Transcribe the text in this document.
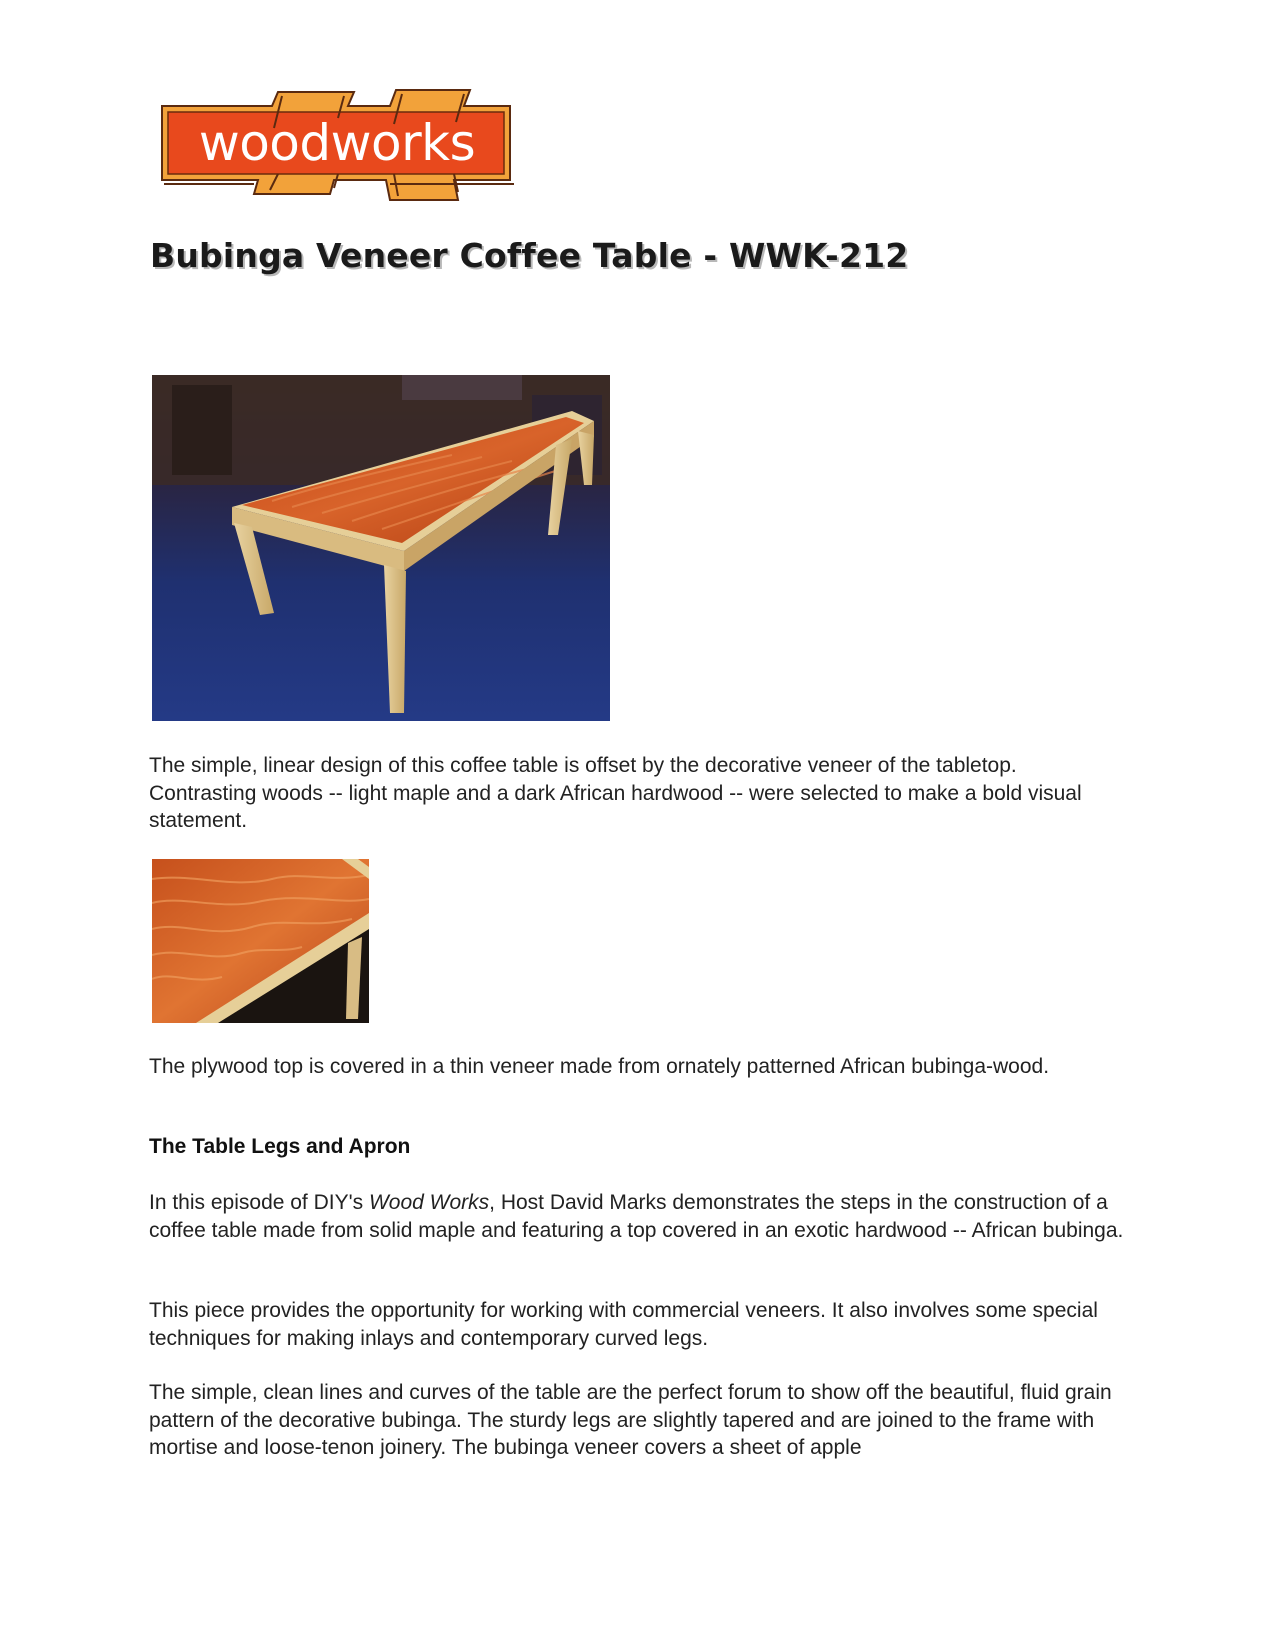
woodworks
Bubinga Veneer Coffee Table - WWK-212

The simple, linear design of this coffee table is offset by the decorative veneer of the tabletop. Contrasting woods -- light maple and a dark African hardwood -- were selected to make a bold visual statement.

The plywood top is covered in a thin veneer made from ornately patterned African bubinga-wood.

The Table Legs and Apron

In this episode of DIY's Wood Works, Host David Marks demonstrates the steps in the construction of a coffee table made from solid maple and featuring a top covered in an exotic hardwood -- African bubinga.

This piece provides the opportunity for working with commercial veneers. It also involves some special techniques for making inlays and contemporary curved legs.

The simple, clean lines and curves of the table are the perfect forum to show off the beautiful, fluid grain pattern of the decorative bubinga. The sturdy legs are slightly tapered and are joined to the frame with mortise and loose-tenon joinery. The bubinga veneer covers a sheet of apple
